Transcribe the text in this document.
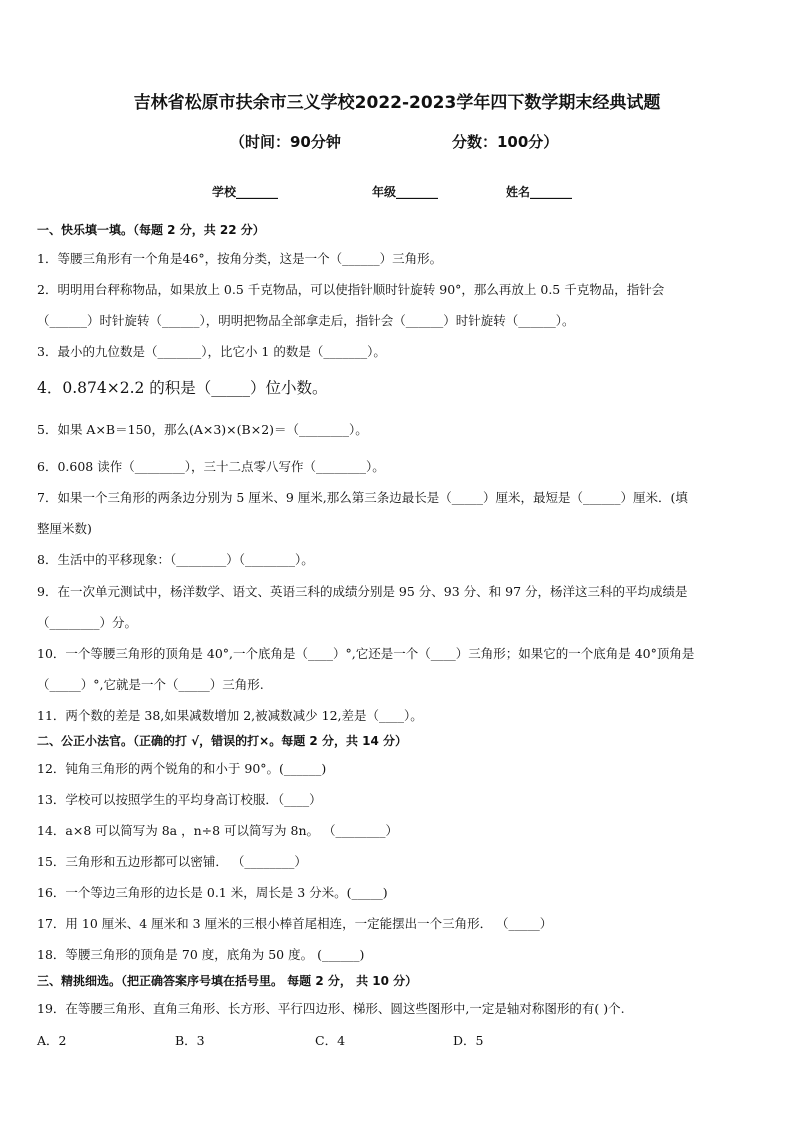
吉林省松原市扶余市三义学校2022-2023学年四下数学期末经典试题
（时间：90分钟	分数：100分）
学校_______	年级_______	姓名_______
一、快乐填一填。（每题 2 分，共 22 分）
1．等腰三角形有一个角是46°，按角分类，这是一个（______）三角形。
2．明明用台秤称物品，如果放上 0.5 千克物品，可以使指针顺时针旋转 90°，那么再放上 0.5 千克物品，指针会
（______）时针旋转（______），明明把物品全部拿走后，指针会（______）时针旋转（______）。
3．最小的九位数是（_______），比它小 1 的数是（_______）。
4．0.874×2.2 的积是（_____）位小数。
5．如果 A×B＝150，那么(A×3)×(B×2)＝（________）。
6．0.608 读作（________），三十二点零八写作（________）。
7．如果一个三角形的两条边分别为 5 厘米、9 厘米,那么第三条边最长是（_____）厘米，最短是（______）厘米．(填
整厘米数)
8．生活中的平移现象：（________）（________）。
9．在一次单元测试中，杨洋数学、语文、英语三科的成绩分别是 95 分、93 分、和 97 分，杨洋这三科的平均成绩是
（________）分。
10．一个等腰三角形的顶角是 40°,一个底角是（____）°,它还是一个（____）三角形；如果它的一个底角是 40°顶角是
（_____）°,它就是一个（_____）三角形.
11．两个数的差是 38,如果减数增加 2,被减数减少 12,差是（____）。
二、公正小法官。（正确的打 √，错误的打×。每题 2 分，共 14 分）
12．钝角三角形的两个锐角的和小于 90°。(______)
13．学校可以按照学生的平均身高订校服．（____）
14．a×8 可以简写为 8a ，n÷8 可以简写为 8n。 （________）
15．三角形和五边形都可以密铺． （________）
16．一个等边三角形的边长是 0.1 米，周长是 3 分米。(_____)
17．用 10 厘米、4 厘米和 3 厘米的三根小棒首尾相连，一定能摆出一个三角形． （_____）
18．等腰三角形的顶角是 70 度，底角为 50 度。 (______)
三、精挑细选。（把正确答案序号填在括号里。 每题 2 分， 共 10 分）
19．在等腰三角形、直角三角形、长方形、平行四边形、梯形、圆这些图形中,一定是轴对称图形的有( )个.
A．2	B．3	C．4	D．5
